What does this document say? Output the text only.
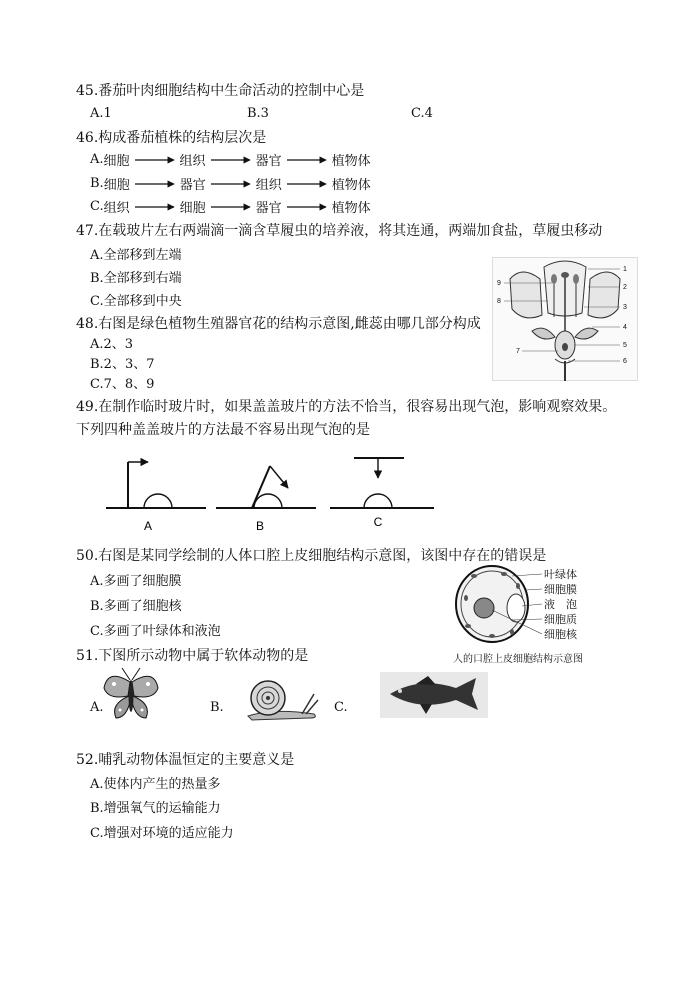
45.番茄叶肉细胞结构中生命活动的控制中心是
A.1	B.3	C.4
46.构成番茄植株的结构层次是
A. 细胞	组织	器官	植物体
B. 细胞	器官	组织	植物体
C. 组织	细胞	器官	植物体
47.在载玻片左右两端滴一滴含草履虫的培养液，将其连通，两端加食盐，草履虫移动
A.全部移到左端
B.全部移到右端
C.全部移到中央
1
2
3
4
5
6
7
8
9
48.右图是绿色植物生殖器官花的结构示意图,雌蕊由哪几部分构成
A.2、3
B.2、3、7
C.7、8、9
49.在制作临时玻片时，如果盖盖玻片的方法不恰当，很容易出现气泡，影响观察效果。
下列四种盖盖玻片的方法最不容易出现气泡的是
A	B	C
50.右图是某同学绘制的人体口腔上皮细胞结构示意图，该图中存在的错误是
A.多画了细胞膜
B.多画了细胞核
C.多画了叶绿体和液泡
叶绿体
细胞膜
液　泡
细胞质
细胞核
人的口腔上皮细胞结构示意图
51.下图所示动物中属于软体动物的是
A.	B.	C.
52.哺乳动物体温恒定的主要意义是
A.使体内产生的热量多
B.增强氧气的运输能力
C.增强对环境的适应能力
